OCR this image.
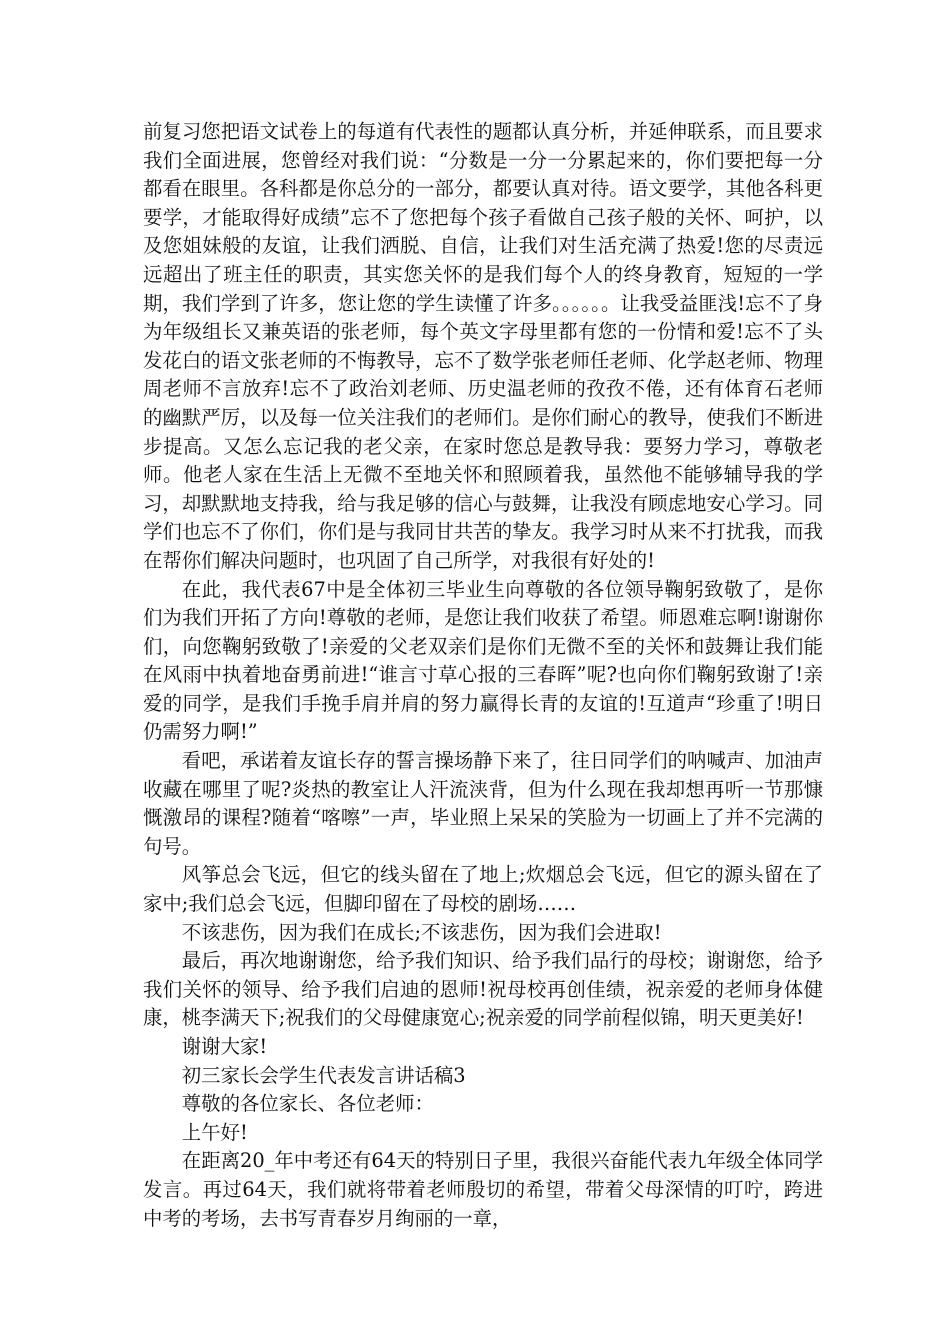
前复习您把语文试卷上的每道有代表性的题都认真分析，并延伸联系，而且要求我们全面进展，您曾经对我们说：“分数是一分一分累起来的，你们要把每一分都看在眼里。各科都是你总分的一部分，都要认真对待。语文要学，其他各科更要学，才能取得好成绩”忘不了您把每个孩子看做自己孩子般的关怀、呵护，以及您姐妹般的友谊，让我们洒脱、自信，让我们对生活充满了热爱!您的尽责远远超出了班主任的职责，其实您关怀的是我们每个人的终身教育，短短的一学期，我们学到了许多，您让您的学生读懂了许多。。。。。。让我受益匪浅!忘不了身为年级组长又兼英语的张老师，每个英文字母里都有您的一份情和爱!忘不了头发花白的语文张老师的不悔教导，忘不了数学张老师任老师、化学赵老师、物理周老师不言放弃!忘不了政治刘老师、历史温老师的孜孜不倦，还有体育石老师的幽默严厉，以及每一位关注我们的老师们。是你们耐心的教导，使我们不断进步提高。又怎么忘记我的老父亲，在家时您总是教导我：要努力学习，尊敬老师。他老人家在生活上无微不至地关怀和照顾着我，虽然他不能够辅导我的学习，却默默地支持我，给与我足够的信心与鼓舞，让我没有顾虑地安心学习。同学们也忘不了你们，你们是与我同甘共苦的挚友。我学习时从来不打扰我，而我在帮你们解决问题时，也巩固了自己所学，对我很有好处的!

在此，我代表67中是全体初三毕业生向尊敬的各位领导鞠躬致敬了，是你们为我们开拓了方向!尊敬的老师，是您让我们收获了希望。师恩难忘啊!谢谢你们，向您鞠躬致敬了!亲爱的父老双亲们是你们无微不至的关怀和鼓舞让我们能在风雨中执着地奋勇前进!“谁言寸草心报的三春晖”呢?也向你们鞠躬致谢了!亲爱的同学，是我们手挽手肩并肩的努力赢得长青的友谊的!互道声“珍重了!明日仍需努力啊!”

看吧，承诺着友谊长存的誓言操场静下来了，往日同学们的呐喊声、加油声收藏在哪里了呢?炎热的教室让人汗流浃背，但为什么现在我却想再听一节那慷慨激昂的课程?随着“喀嚓”一声，毕业照上呆呆的笑脸为一切画上了并不完满的句号。

风筝总会飞远，但它的线头留在了地上;炊烟总会飞远，但它的源头留在了家中;我们总会飞远，但脚印留在了母校的剧场……

不该悲伤，因为我们在成长;不该悲伤，因为我们会进取!

最后，再次地谢谢您，给予我们知识、给予我们品行的母校；谢谢您，给予我们关怀的领导、给予我们启迪的恩师!祝母校再创佳绩，祝亲爱的老师身体健康，桃李满天下;祝我们的父母健康宽心;祝亲爱的同学前程似锦，明天更美好!

谢谢大家!

初三家长会学生代表发言讲话稿3

尊敬的各位家长、各位老师：

上午好!

在距离20_年中考还有64天的特别日子里，我很兴奋能代表九年级全体同学发言。再过64天，我们就将带着老师殷切的希望，带着父母深情的叮咛，跨进中考的考场，去书写青春岁月绚丽的一章，
